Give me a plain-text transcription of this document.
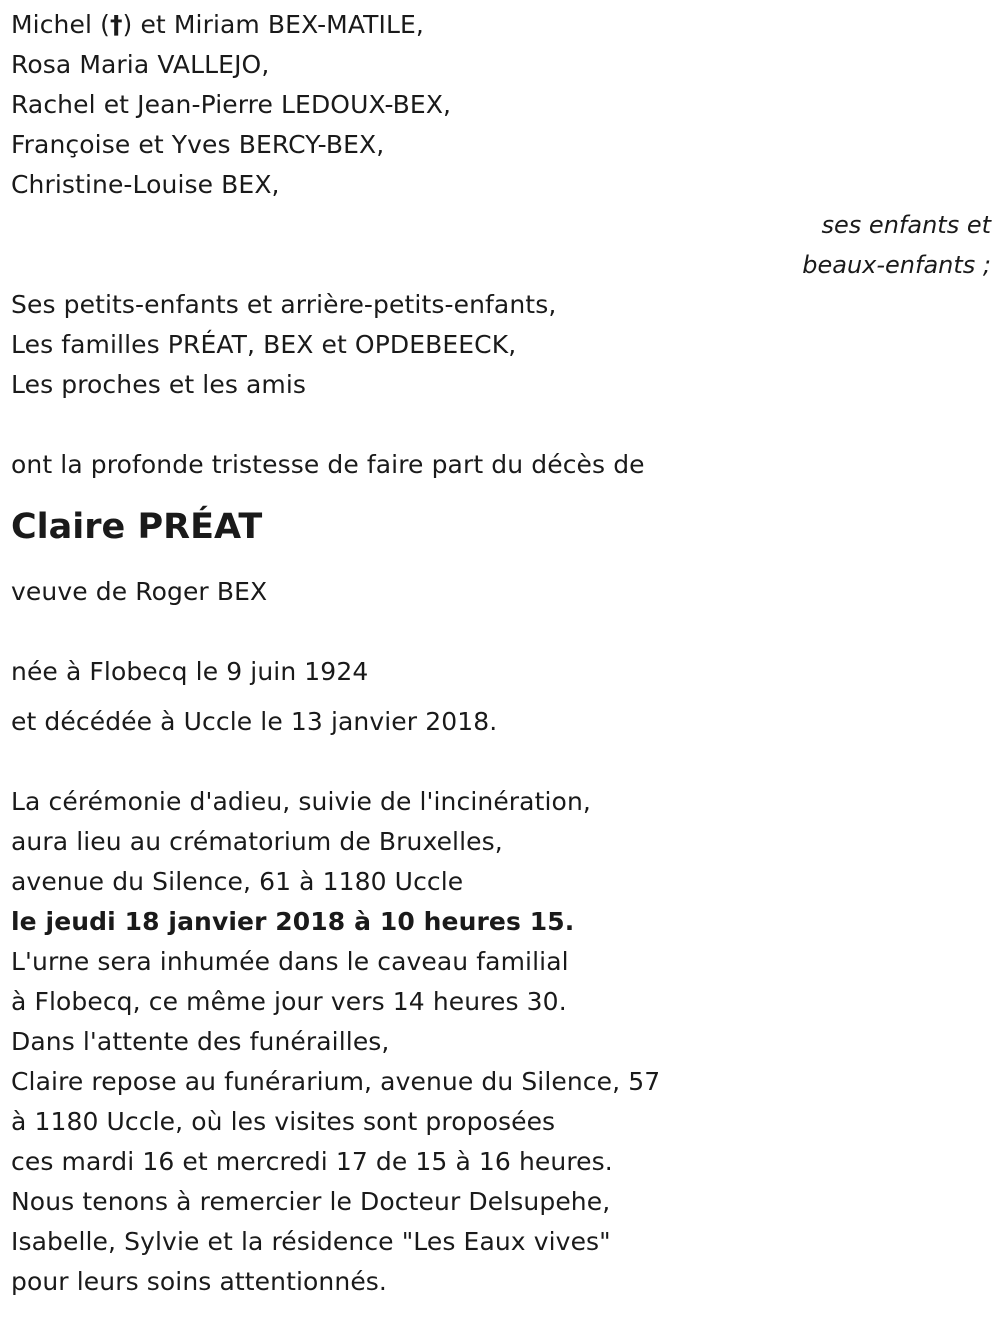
Michel (†) et Miriam BEX-MATILE,
Rosa Maria VALLEJO,
Rachel et Jean-Pierre LEDOUX-BEX,
Françoise et Yves BERCY-BEX,
Christine-Louise BEX,
ses enfants et
beaux-enfants ;
Ses petits-enfants et arrière-petits-enfants,
Les familles PRÉAT, BEX et OPDEBEECK,
Les proches et les amis
ont la profonde tristesse de faire part du décès de
Claire PRÉAT
veuve de Roger BEX
née à Flobecq le 9 juin 1924
et décédée à Uccle le 13 janvier 2018.
La cérémonie d'adieu, suivie de l'incinération,
aura lieu au crématorium de Bruxelles,
avenue du Silence, 61 à 1180 Uccle
le jeudi 18 janvier 2018 à 10 heures 15.
L'urne sera inhumée dans le caveau familial
à Flobecq, ce même jour vers 14 heures 30.
Dans l'attente des funérailles,
Claire repose au funérarium, avenue du Silence, 57
à 1180 Uccle, où les visites sont proposées
ces mardi 16 et mercredi 17 de 15 à 16 heures.
Nous tenons à remercier le Docteur Delsupehe,
Isabelle, Sylvie et la résidence "Les Eaux vives"
pour leurs soins attentionnés.
